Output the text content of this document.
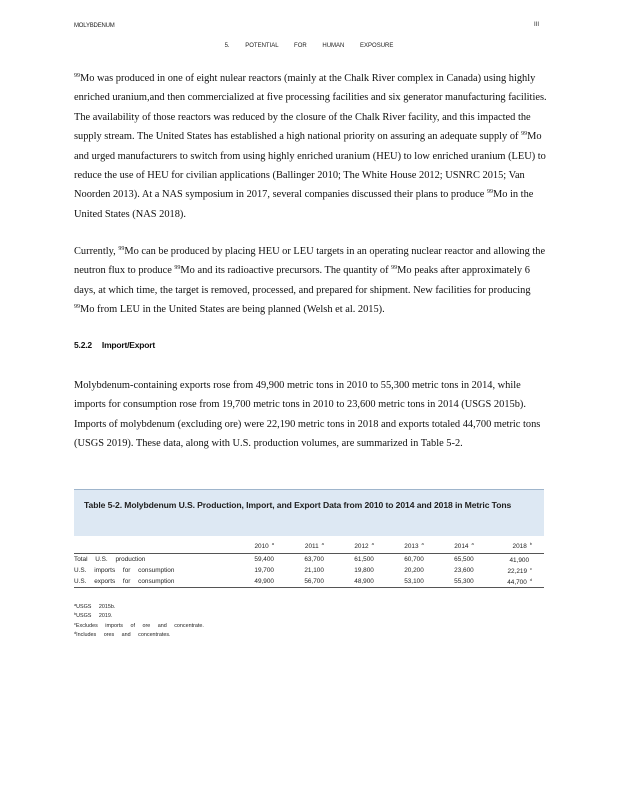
MOLYBDENUM	III
5. POTENTIAL FOR HUMAN EXPOSURE
$^{99}$Mo was produced in one of eight nulear reactors (mainly at the Chalk River complex in Canada) using highly enriched uranium,and then commercialized at five processing facilities and six generator manufacturing facilities. The availability of those reactors was reduced by the closure of the Chalk River facility, and this impacted the supply stream. The United States has established a high national priority on assuring an adequate supply of $^{99}$Mo and urged manufacturers to switch from using highly enriched uranium (HEU) to low enriched uranium (LEU) to reduce the use of HEU for civilian applications (Ballinger 2010; The White House 2012; USNRC 2015; Van Noorden 2013). At a NAS symposium in 2017, several companies discussed their plans to produce $^{99}$Mo in the United States (NAS 2018).
Currently, $^{99}$Mo can be produced by placing HEU or LEU targets in an operating nuclear reactor and allowing the neutron flux to produce $^{99}$Mo and its radioactive precursors. The quantity of $^{99}$Mo peaks after approximately 6 days, at which time, the target is removed, processed, and prepared for shipment. New facilities for producing $^{99}$Mo from LEU in the United States are being planned (Welsh et al. 2015).
5.2.2 Import/Export
Molybdenum-containing exports rose from 49,900 metric tons in 2010 to 55,300 metric tons in 2014, while imports for consumption rose from 19,700 metric tons in 2010 to 23,600 metric tons in 2014 (USGS 2015b). Imports of molybdenum (excluding ore) were 22,190 metric tons in 2018 and exports totaled 44,700 metric tons (USGS 2019). These data, along with U.S. production volumes, are summarized in Table 5-2.
Table 5-2. Molybdenum U.S. Production, Import, and Export Data from 2010 to 2014 and 2018 in Metric Tons
	2010 $^a$	2011 $^a$	2012 $^a$	2013 $^a$	2014 $^a$	2018 $^b$
Total U.S. production	59,400	63,700	61,500	60,700	65,500	41,900
U.S. imports for consumption	19,700	21,100	19,800	20,200	23,600	22,219 $^c$
U.S. exports for consumption	49,900	56,700	48,900	53,100	55,300	44,700 $^d$
$^a$USGS 2015b.
$^b$USGS 2019.
$^c$Excludes imports of ore and concentrate.
$^d$Includes ores and concentrates.
